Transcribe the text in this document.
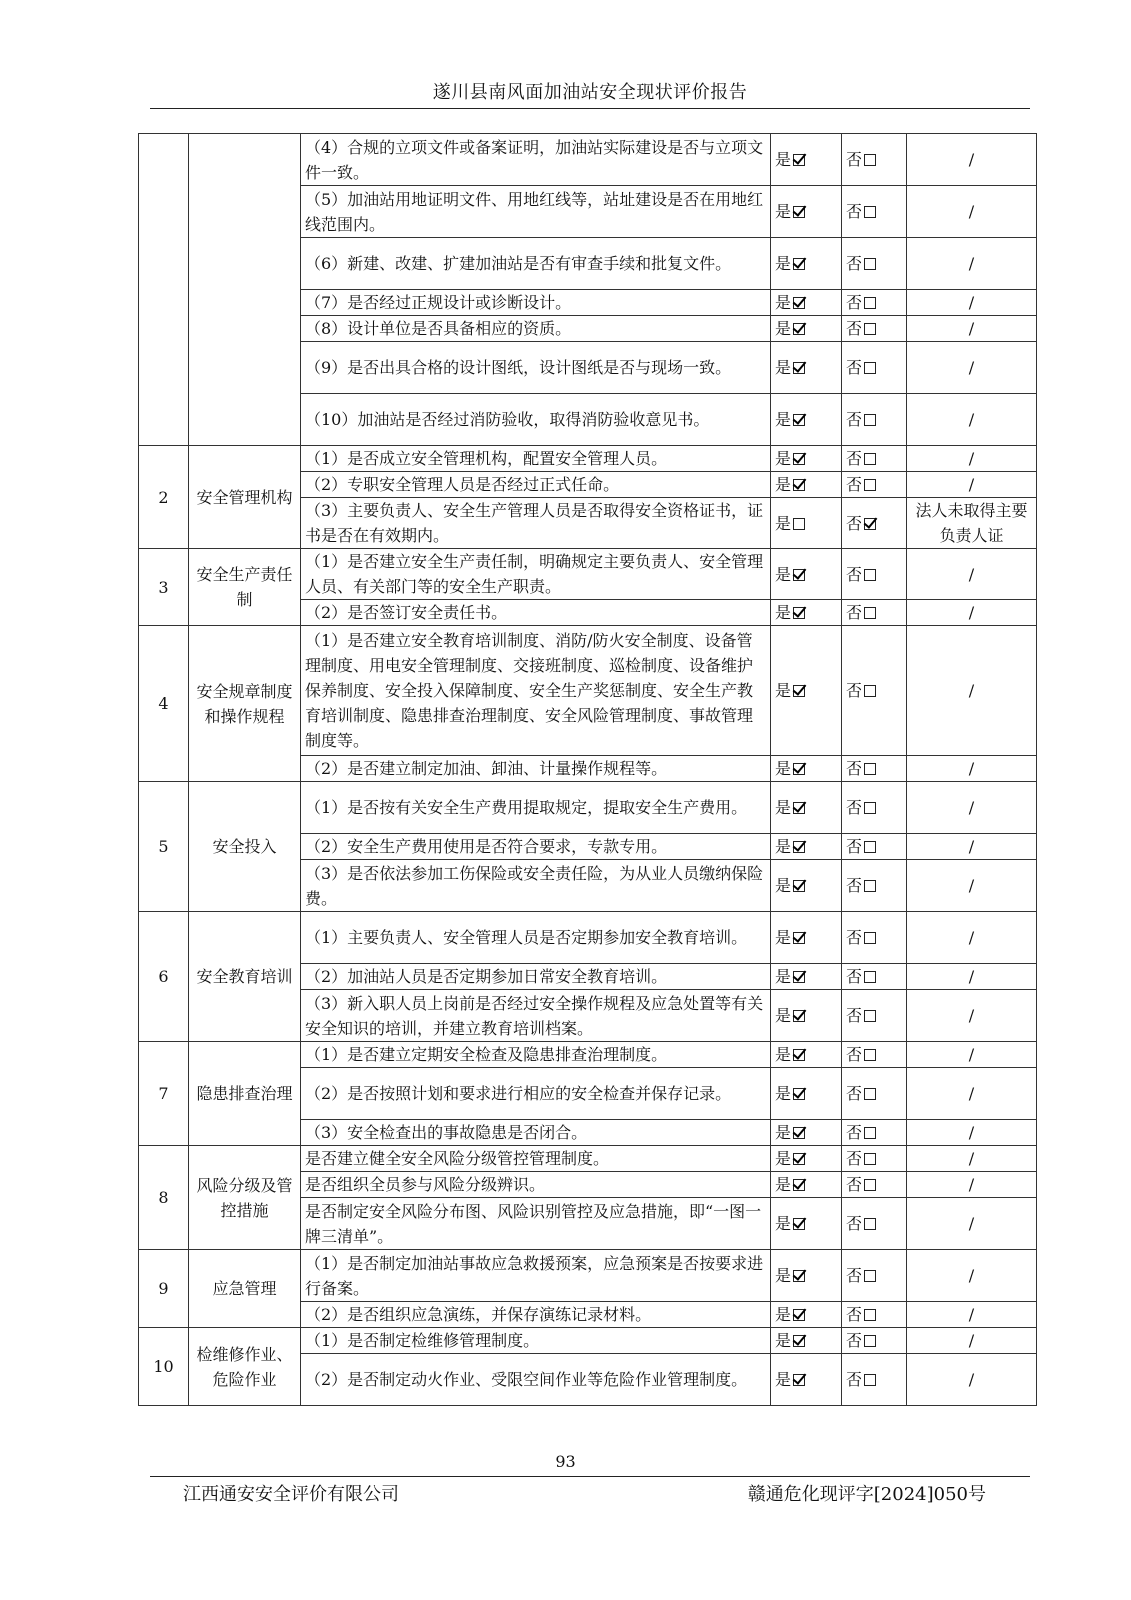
遂川县南风面加油站安全现状评价报告
		（4）合规的立项文件或备案证明，加油站实际建设是否与立项文件一致。	是	否	/
		（5）加油站用地证明文件、用地红线等，站址建设是否在用地红线范围内。	是	否	/
		（6）新建、改建、扩建加油站是否有审查手续和批复文件。	是	否	/
		（7）是否经过正规设计或诊断设计。	是	否	/
		（8）设计单位是否具备相应的资质。	是	否	/
		（9）是否出具合格的设计图纸，设计图纸是否与现场一致。	是	否	/
		（10）加油站是否经过消防验收，取得消防验收意见书。	是	否	/
2	安全管理机构	（1）是否成立安全管理机构，配置安全管理人员。	是	否	/
		（2）专职安全管理人员是否经过正式任命。	是	否	/
		（3）主要负责人、安全生产管理人员是否取得安全资格证书，证书是否在有效期内。	是	否	法人未取得主要负责人证
3	安全生产责任制	（1）是否建立安全生产责任制，明确规定主要负责人、安全管理人员、有关部门等的安全生产职责。	是	否	/
		（2）是否签订安全责任书。	是	否	/
4	安全规章制度和操作规程	（1）是否建立安全教育培训制度、消防/防火安全制度、设备管理制度、用电安全管理制度、交接班制度、巡检制度、设备维护保养制度、安全投入保障制度、安全生产奖惩制度、安全生产教育培训制度、隐患排查治理制度、安全风险管理制度、事故管理制度等。	是	否	/
		（2）是否建立制定加油、卸油、计量操作规程等。	是	否	/
5	安全投入	（1）是否按有关安全生产费用提取规定，提取安全生产费用。	是	否	/
		（2）安全生产费用使用是否符合要求，专款专用。	是	否	/
		（3）是否依法参加工伤保险或安全责任险，为从业人员缴纳保险费。	是	否	/
6	安全教育培训	（1）主要负责人、安全管理人员是否定期参加安全教育培训。	是	否	/
		（2）加油站人员是否定期参加日常安全教育培训。	是	否	/
		（3）新入职人员上岗前是否经过安全操作规程及应急处置等有关安全知识的培训，并建立教育培训档案。	是	否	/
7	隐患排查治理	（1）是否建立定期安全检查及隐患排查治理制度。	是	否	/
		（2）是否按照计划和要求进行相应的安全检查并保存记录。	是	否	/
		（3）安全检查出的事故隐患是否闭合。	是	否	/
8	风险分级及管控措施	是否建立健全安全风险分级管控管理制度。	是	否	/
		是否组织全员参与风险分级辨识。	是	否	/
		是否制定安全风险分布图、风险识别管控及应急措施，即“一图一牌三清单”。	是	否	/
9	应急管理	（1）是否制定加油站事故应急救援预案，应急预案是否按要求进行备案。	是	否	/
		（2）是否组织应急演练，并保存演练记录材料。	是	否	/
10	检维修作业、危险作业	（1）是否制定检维修管理制度。	是	否	/
		（2）是否制定动火作业、受限空间作业等危险作业管理制度。	是	否	/
93
江西通安安全评价有限公司	赣通危化现评字[2024]050号
